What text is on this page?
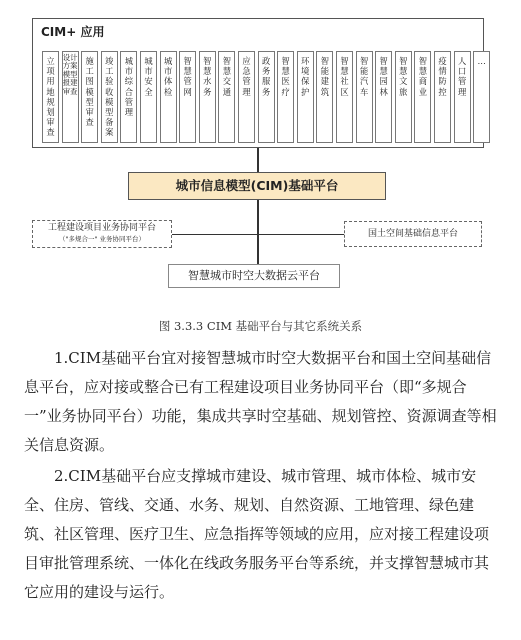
CIM+ 应用
立项用地规划审查
设计方案模型报建审查
施工图模型审查
竣工验收模型备案
城市综合管理
城市安全
城市体检
智慧管网
智慧水务
智慧交通
应急管理
政务服务
智慧医疗
环境保护
智能建筑
智慧社区
智能汽车
智慧园林
智慧文旅
智慧商业
疫情防控
人口管理
…
城市信息模型(CIM)基础平台
工程建设项目业务协同平台
（"多规合一" 业务协同平台）	国土空间基础信息平台
智慧城市时空大数据云平台
图 3.3.3 CIM 基础平台与其它系统关系

1.CIM基础平台宜对接智慧城市时空大数据平台和国土空间基础信息平台，应对接或整合已有工程建设项目业务协同平台（即“多规合一”业务协同平台）功能，集成共享时空基础、规划管控、资源调查等相关信息资源。

2.CIM基础平台应支撑城市建设、城市管理、城市体检、城市安全、住房、管线、交通、水务、规划、自然资源、工地管理、绿色建筑、社区管理、医疗卫生、应急指挥等领域的应用，应对接工程建设项目审批管理系统、一体化在线政务服务平台等系统，并支撑智慧城市其它应用的建设与运行。
